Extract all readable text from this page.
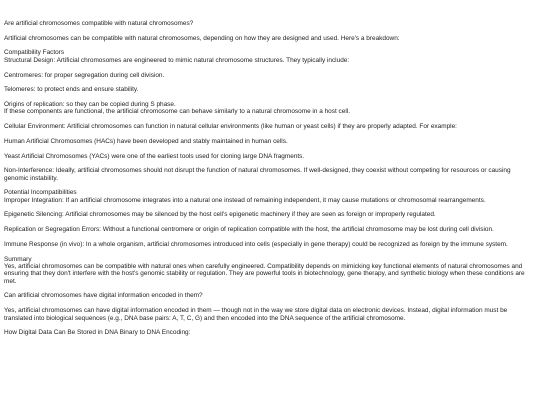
Are artificial chromosomes compatible with natural chromosomes?
Artificial chromosomes can be compatible with natural chromosomes, depending on how they are designed and used. Here's a breakdown:
Compatibility Factors
Structural Design: Artificial chromosomes are engineered to mimic natural chromosome structures. They typically include:
Centromeres: for proper segregation during cell division.
Telomeres: to protect ends and ensure stability.
Origins of replication: so they can be copied during S phase.
If these components are functional, the artificial chromosome can behave similarly to a natural chromosome in a host cell.
Cellular Environment: Artificial chromosomes can function in natural cellular environments (like human or yeast cells) if they are properly adapted. For example:
Human Artificial Chromosomes (HACs) have been developed and stably maintained in human cells.
Yeast Artificial Chromosomes (YACs) were one of the earliest tools used for cloning large DNA fragments.
Non-Interference: Ideally, artificial chromosomes should not disrupt the function of natural chromosomes. If well-designed, they coexist without competing for resources or causing genomic instability.
Potential Incompatibilities
Improper Integration: If an artificial chromosome integrates into a natural one instead of remaining independent, it may cause mutations or chromosomal rearrangements.
Epigenetic Silencing: Artificial chromosomes may be silenced by the host cell's epigenetic machinery if they are seen as foreign or improperly regulated.
Replication or Segregation Errors: Without a functional centromere or origin of replication compatible with the host, the artificial chromosome may be lost during cell division.
Immune Response (in vivo): In a whole organism, artificial chromosomes introduced into cells (especially in gene therapy) could be recognized as foreign by the immune system.
Summary
Yes, artificial chromosomes can be compatible with natural ones when carefully engineered. Compatibility depends on mimicking key functional elements of natural chromosomes and ensuring that they don't interfere with the host's genomic stability or regulation. They are powerful tools in biotechnology, gene therapy, and synthetic biology when these conditions are met.
Can artificial chromosomes have digital information encoded in them?
Yes, artificial chromosomes can have digital information encoded in them — though not in the way we store digital data on electronic devices. Instead, digital information must be translated into biological sequences (e.g., DNA base pairs: A, T, C, G) and then encoded into the DNA sequence of the artificial chromosome.
How Digital Data Can Be Stored in DNA Binary to DNA Encoding:
